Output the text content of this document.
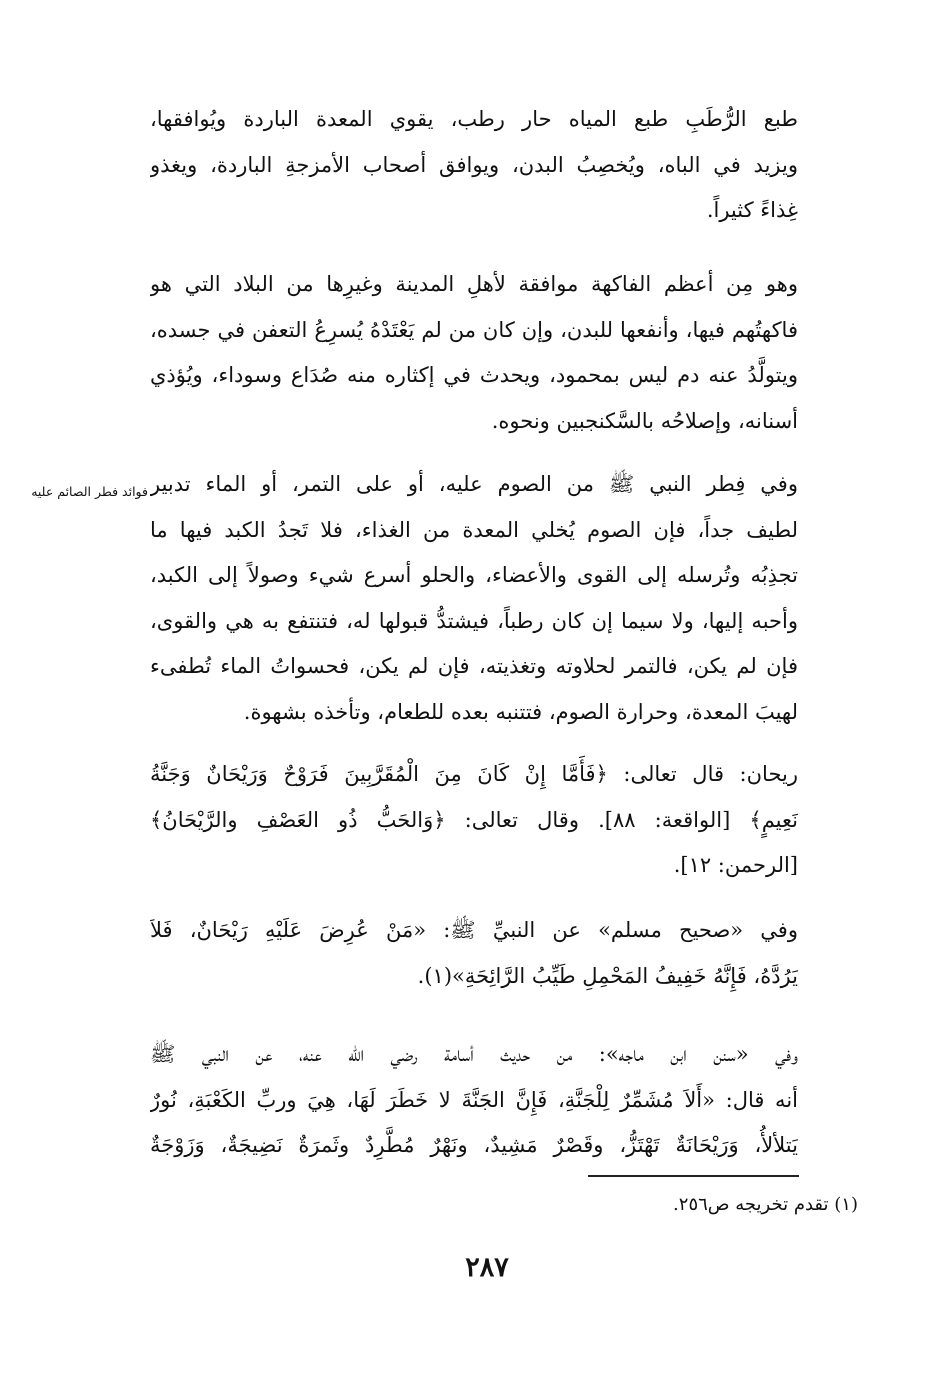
طبع الرُّطَبِ طبع المياه حار رطب، يقوي المعدة الباردة ويُوافقها،
ويزيد في الباه، ويُخصِبُ البدن، ويوافق أصحاب الأمزجةِ الباردة، ويغذو
غِذاءً كثيراً.
وهو مِن أعظم الفاكهة موافقة لأهلِ المدينة وغيرِها من البلاد التي هو
فاكهتُهم فيها، وأنفعها للبدن، وإن كان من لم يَعْتَدْهُ يُسرِعُ التعفن في جسده،
ويتولَّدُ عنه دم ليس بمحمود، ويحدث في إكثاره منه صُدَاع وسوداء، ويُؤذي
أسنانه، وإصلاحُه بالسَّكنجبين ونحوه.
فوائد فطر الصائم عليه وفي فِطر النبي ﷺ من الصوم عليه، أو على التمر، أو الماء تدبير
لطيف جداً، فإن الصوم يُخلي المعدة من الغذاء، فلا تَجدُ الكبد فيها ما
تجذِبُه وتُرسله إلى القوى والأعضاء، والحلو أسرع شيء وصولاً إلى الكبد،
وأحبه إليها، ولا سيما إن كان رطباً، فيشتدُّ قبولها له، فتنتفع به هي والقوى،
فإن لم يكن، فالتمر لحلاوته وتغذيته، فإن لم يكن، فحسواتُ الماء تُطفىء
لهيبَ المعدة، وحرارة الصوم، فتتنبه بعده للطعام، وتأخذه بشهوة.
ريحان: قال تعالى: ﴿فَأَمَّا إِنْ كَانَ مِنَ الْمُقَرَّبِينَ فَرَوْحٌ وَرَيْحَانٌ وَجَنَّةُ
نَعِيمٍ﴾ [الواقعة: ٨٨]. وقال تعالى: ﴿وَالحَبُّ ذُو العَصْفِ والرَّيْحَانُ﴾
[الرحمن: ١٢].
وفي «صحيح مسلم» عن النبيِّ ﷺ: «مَنْ عُرِضَ عَلَيْهِ رَيْحَانٌ، فَلاَ
يَرُدَّهُ، فَإِنَّهُ خَفِيفُ المَحْمِلِ طَيِّبُ الرَّائِحَةِ»(١).
وفي «سنن ابن ماجه»: من حديث أسامة رضي الله عنه، عن النبي ﷺ
أنه قال: «أَلاَ مُشَمِّرٌ لِلْجَنَّةِ، فَإِنَّ الجَنَّةَ لا خَطَرَ لَهَا، هِيَ وربِّ الكَعْبَةِ، نُورٌ
يَتلألأُ، وَرَيْحَانَةٌ تَهْتَزُّ، وقَصْرٌ مَشِيدٌ، ونَهْرٌ مُطَّرِدٌ وثَمرَةٌ نَضِيجَةٌ، وَزَوْجَةٌ
(١) تقدم تخريجه ص٢٥٦.
٢٨٧
